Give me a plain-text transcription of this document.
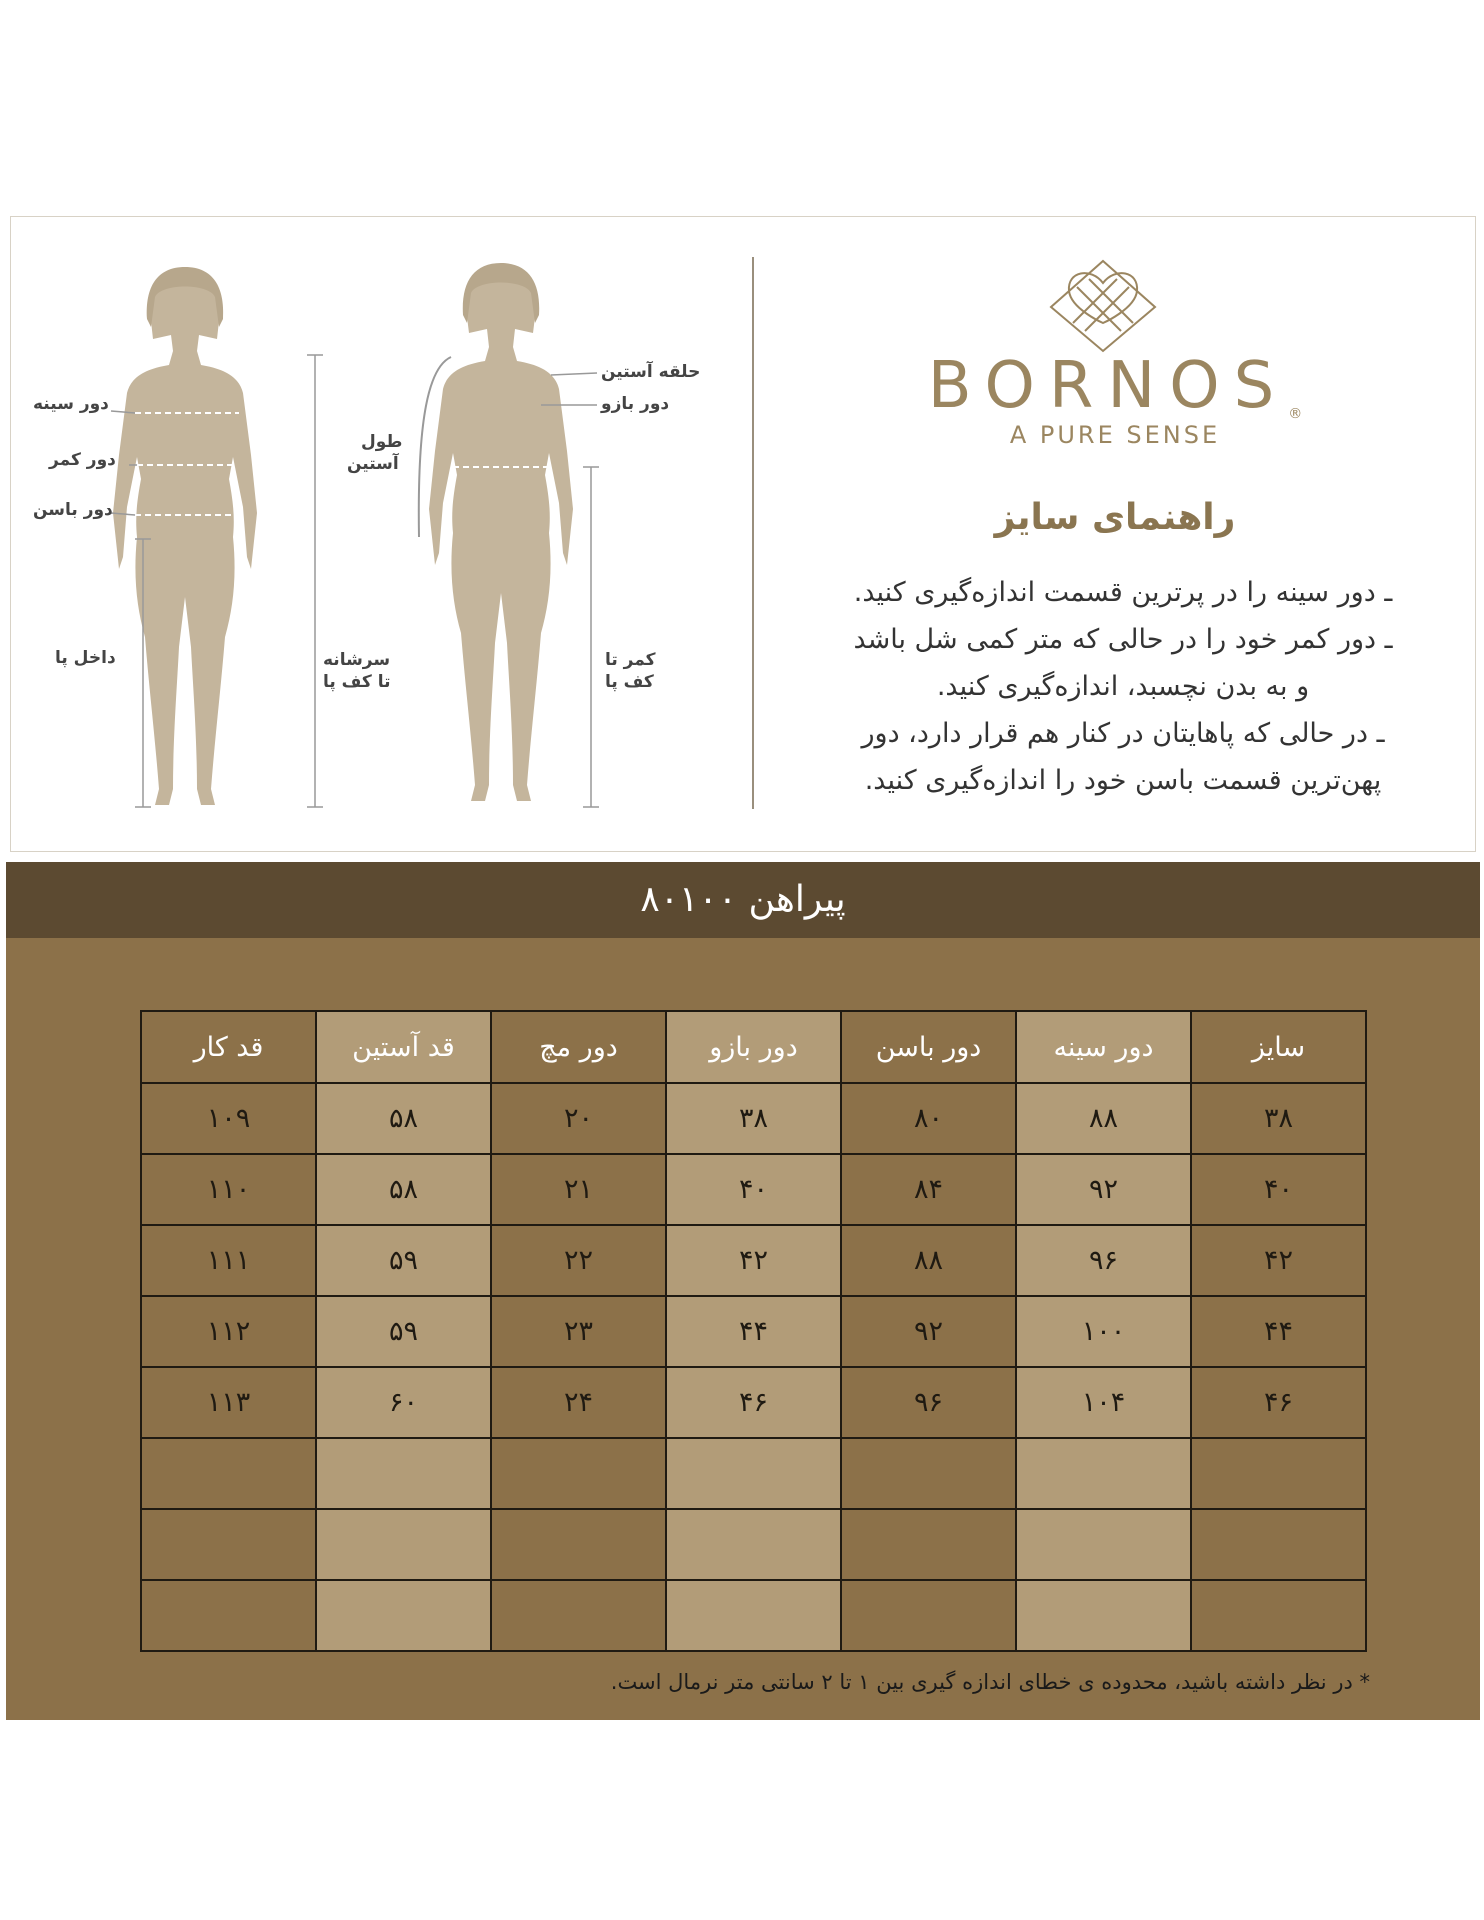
دور سینه
دور کمر
دور باسن
داخل پا	سرشانه
تا کف پا
طول
آستین
حلقه آستین
دور بازو
کمر تا
کف پا
BORNOS®
A PURE SENSE
راهنمای سایز
ـ دور سینه را در پرترین قسمت اندازه‌گیری کنید.
ـ دور کمر خود را در حالی که متر کمی شل باشد
و به بدن نچسبد، اندازه‌گیری کنید.
ـ در حالی که پاهایتان در کنار هم قرار دارد، دور
پهن‌ترین قسمت باسن خود را اندازه‌گیری کنید.
پیراهن ۸۰۱۰۰
سایز	دور سینه	دور باسن	دور بازو	دور مچ	قد آستین	قد کار
۳۸	۸۸	۸۰	۳۸	۲۰	۵۸	۱۰۹
۴۰	۹۲	۸۴	۴۰	۲۱	۵۸	۱۱۰
۴۲	۹۶	۸۸	۴۲	۲۲	۵۹	۱۱۱
۴۴	۱۰۰	۹۲	۴۴	۲۳	۵۹	۱۱۲
۴۶	۱۰۴	۹۶	۴۶	۲۴	۶۰	۱۱۳

* در نظر داشته باشید، محدوده ی خطای اندازه گیری بین ۱ تا ۲ سانتی متر نرمال است.
